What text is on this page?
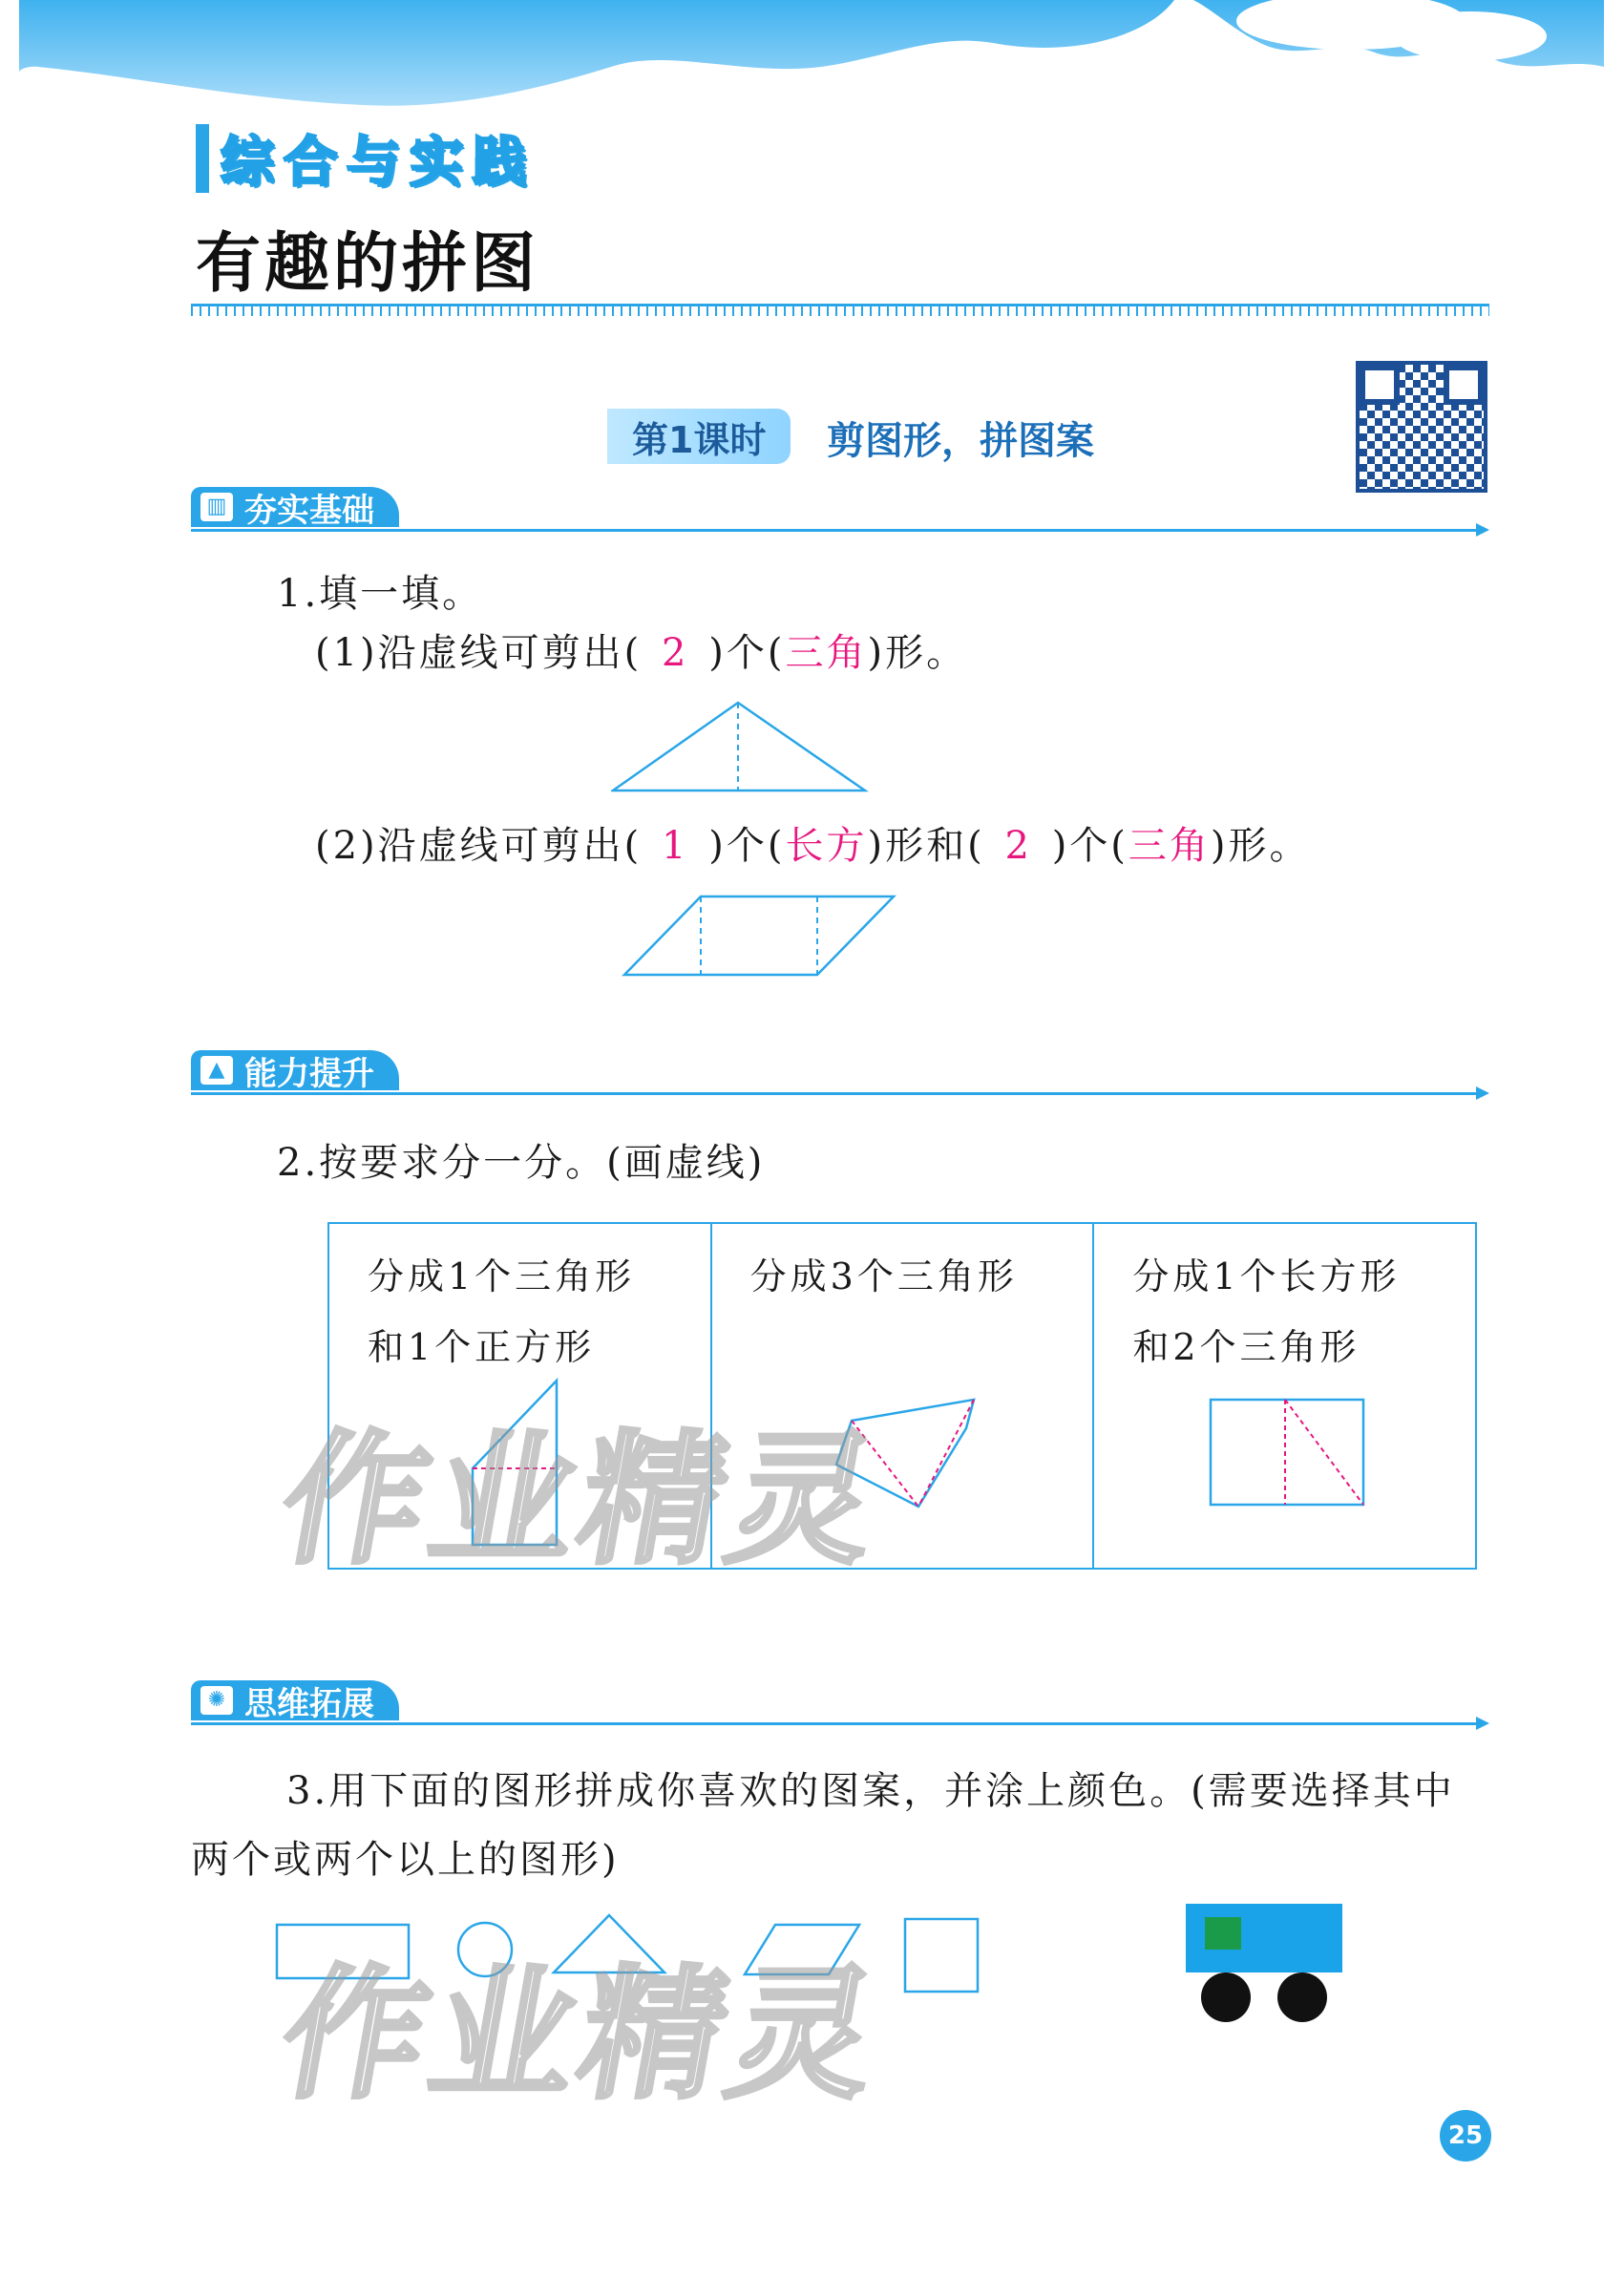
综合与实践
有趣的拼图
第1课时	剪图形，拼图案
▥ 夯实基础
1.填一填。
(1)沿虚线可剪出( 2 )个(三角)形。
(2)沿虚线可剪出( 1 )个(长方)形和( 2 )个(三角)形。
▲ 能力提升
2.按要求分一分。(画虚线)
分成1个三角形
和1个正方形
分成3个三角形	分成1个长方形
和2个三角形
作业精灵
✺ 思维拓展
3.用下面的图形拼成你喜欢的图案，并涂上颜色。(需要选择其中
两个或两个以上的图形)
作业精灵
25
